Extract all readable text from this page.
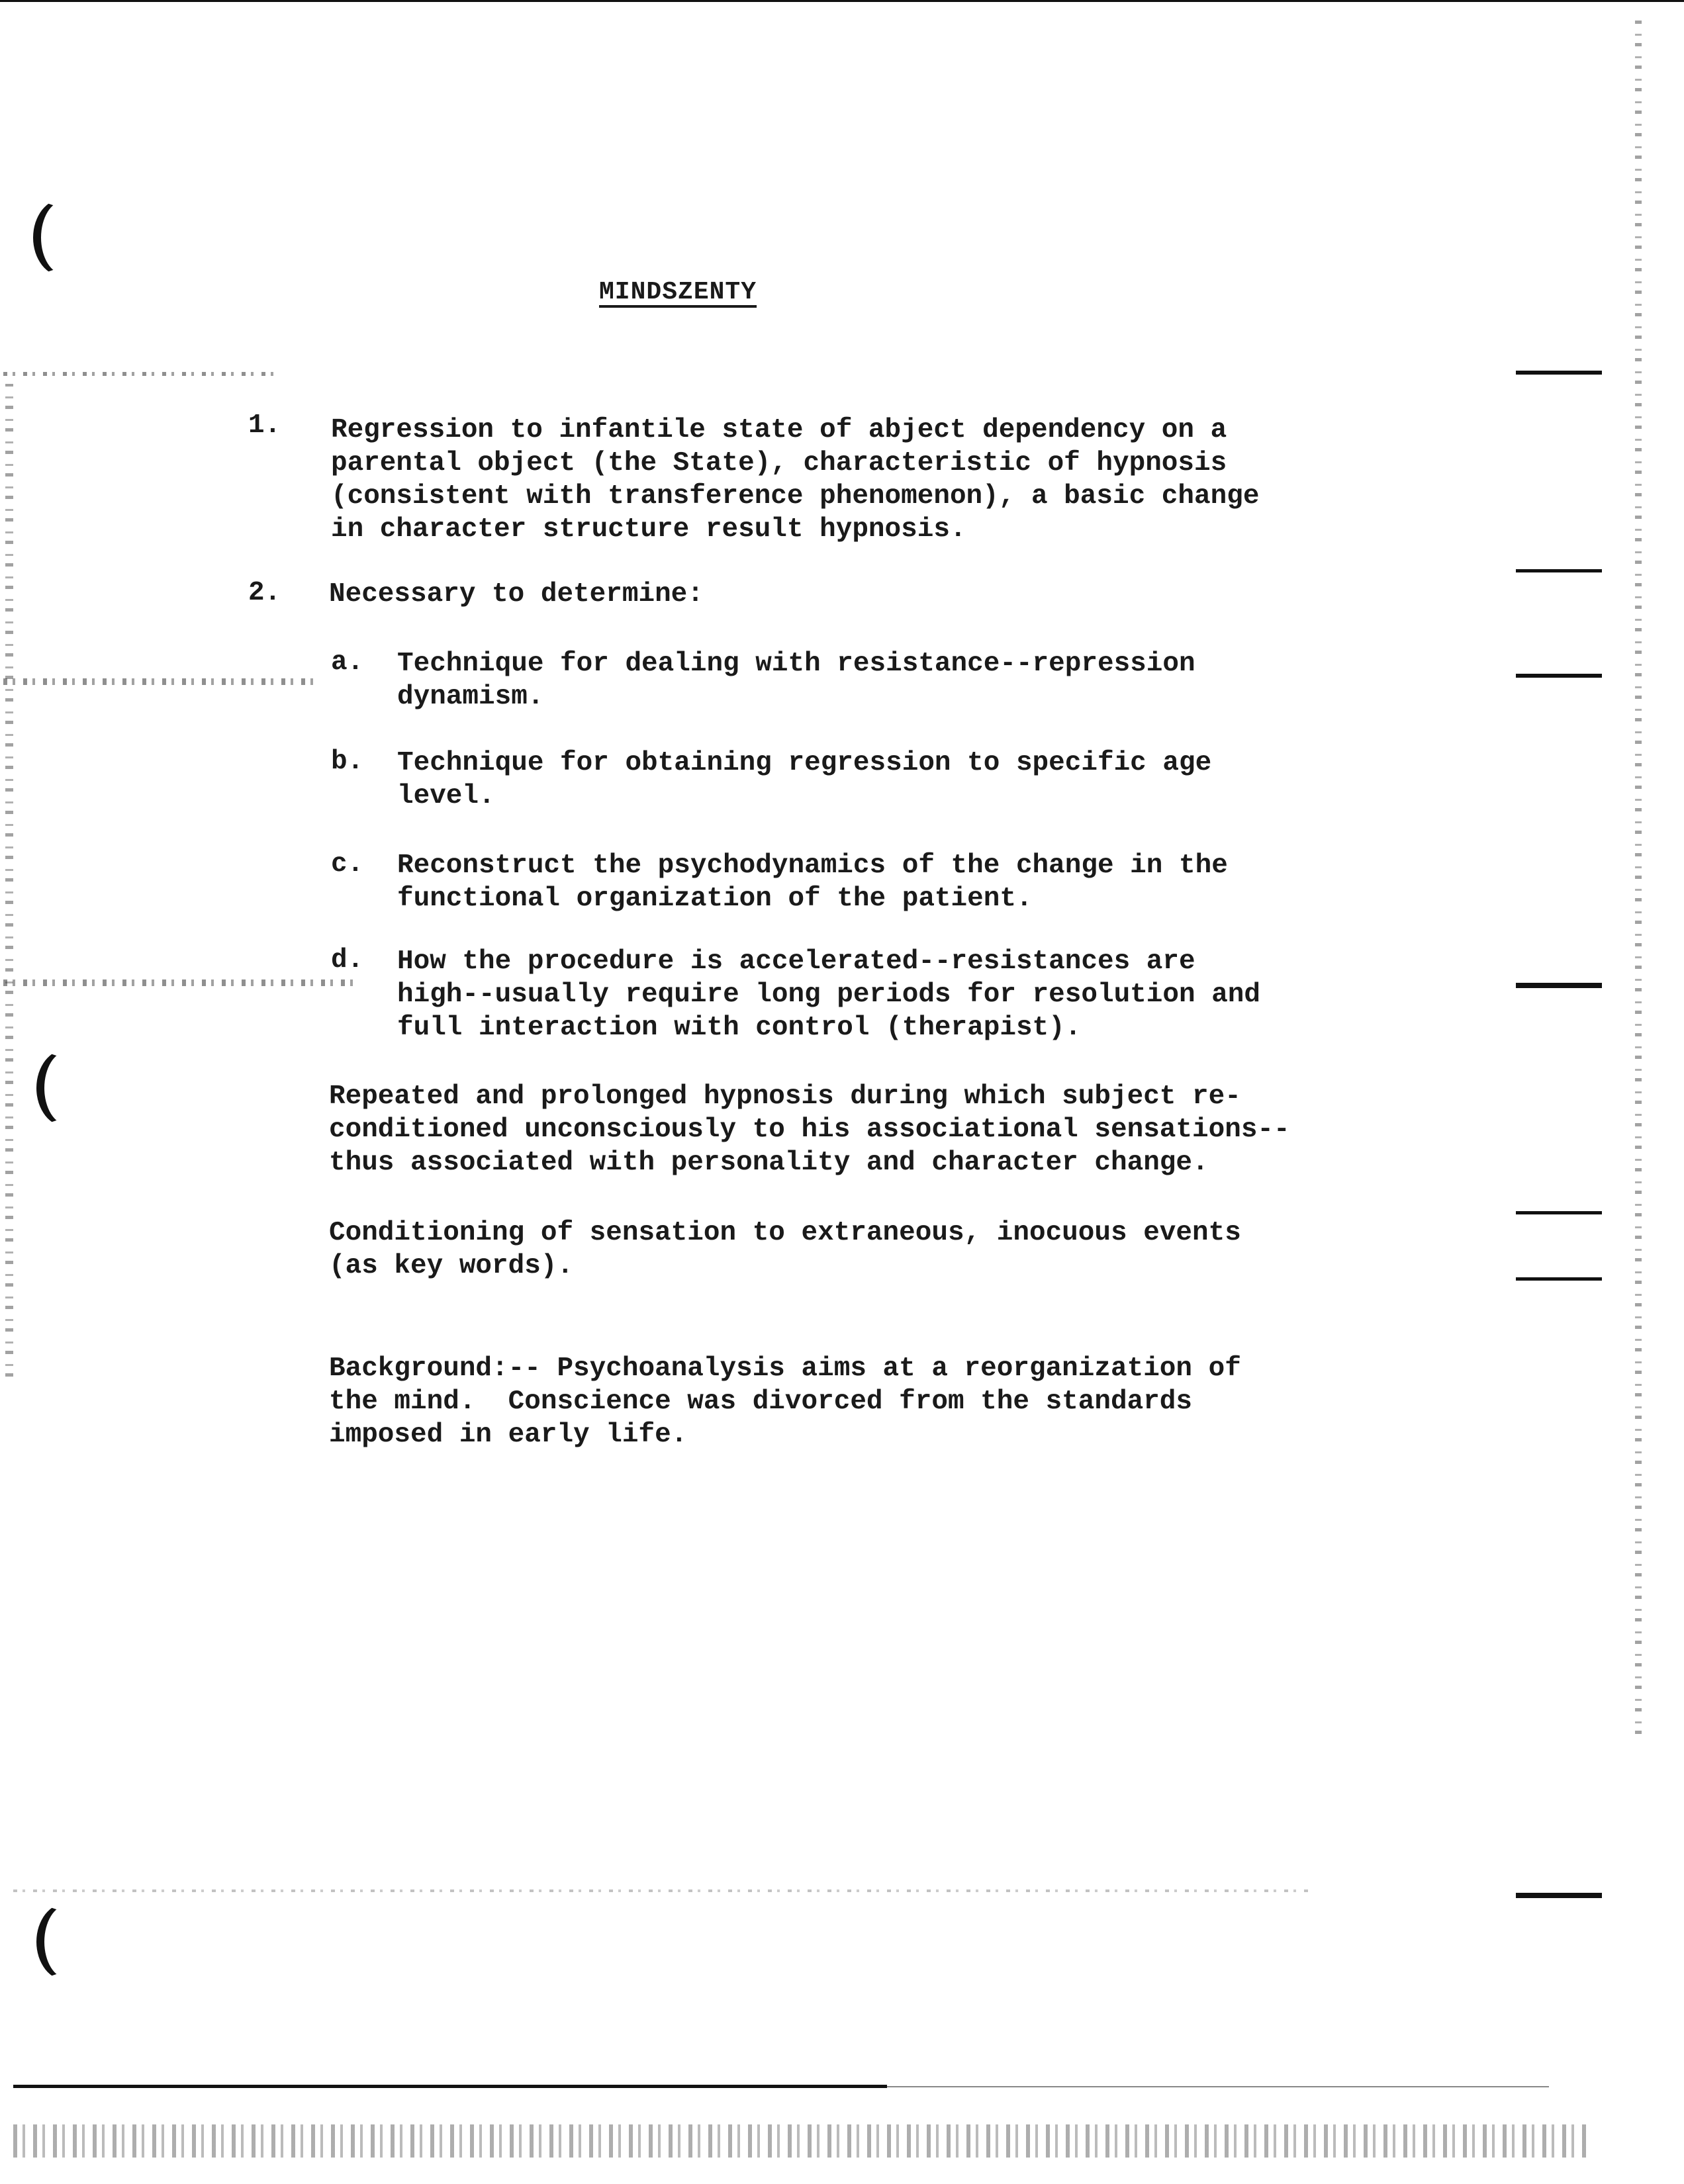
MINDSZENTY
1. Regression to infantile state of abject dependency on a
parental object (the State), characteristic of hypnosis
(consistent with transference phenomenon), a basic change
in character structure result hypnosis.
2. Necessary to determine:
a. Technique for dealing with resistance--repression
dynamism.
b. Technique for obtaining regression to specific age
level.
c. Reconstruct the psychodynamics of the change in the
functional organization of the patient.
d. How the procedure is accelerated--resistances are
high--usually require long periods for resolution and
full interaction with control (therapist).
Repeated and prolonged hypnosis during which subject re-
conditioned unconsciously to his associational sensations--
thus associated with personality and character change.
Conditioning of sensation to extraneous, inocuous events
(as key words).
Background:-- Psychoanalysis aims at a reorganization of
the mind.  Conscience was divorced from the standards
imposed in early life.
